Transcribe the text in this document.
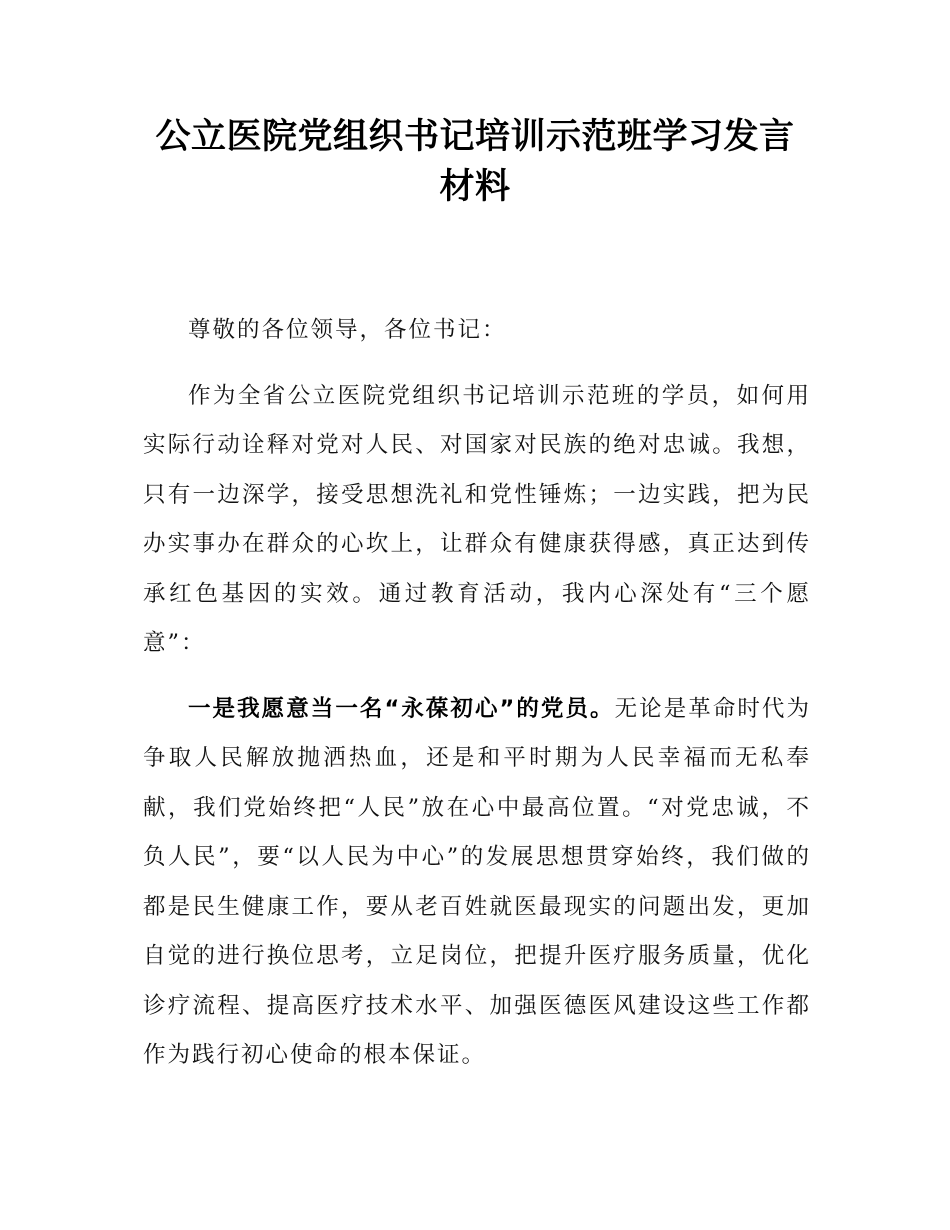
公立医院党组织书记培训示范班学习发言材料

尊敬的各位领导，各位书记：

作为全省公立医院党组织书记培训示范班的学员，如何用实际行动诠释对党对人民、对国家对民族的绝对忠诚。我想，只有一边深学，接受思想洗礼和党性锤炼；一边实践，把为民办实事办在群众的心坎上，让群众有健康获得感，真正达到传承红色基因的实效。通过教育活动，我内心深处有“三个愿意”：

一是我愿意当一名“永葆初心”的党员。无论是革命时代为争取人民解放抛洒热血，还是和平时期为人民幸福而无私奉献，我们党始终把“人民”放在心中最高位置。“对党忠诚，不负人民”，要“以人民为中心”的发展思想贯穿始终，我们做的都是民生健康工作，要从老百姓就医最现实的问题出发，更加自觉的进行换位思考，立足岗位，把提升医疗服务质量，优化诊疗流程、提高医疗技术水平、加强医德医风建设这些工作都作为践行初心使命的根本保证。
